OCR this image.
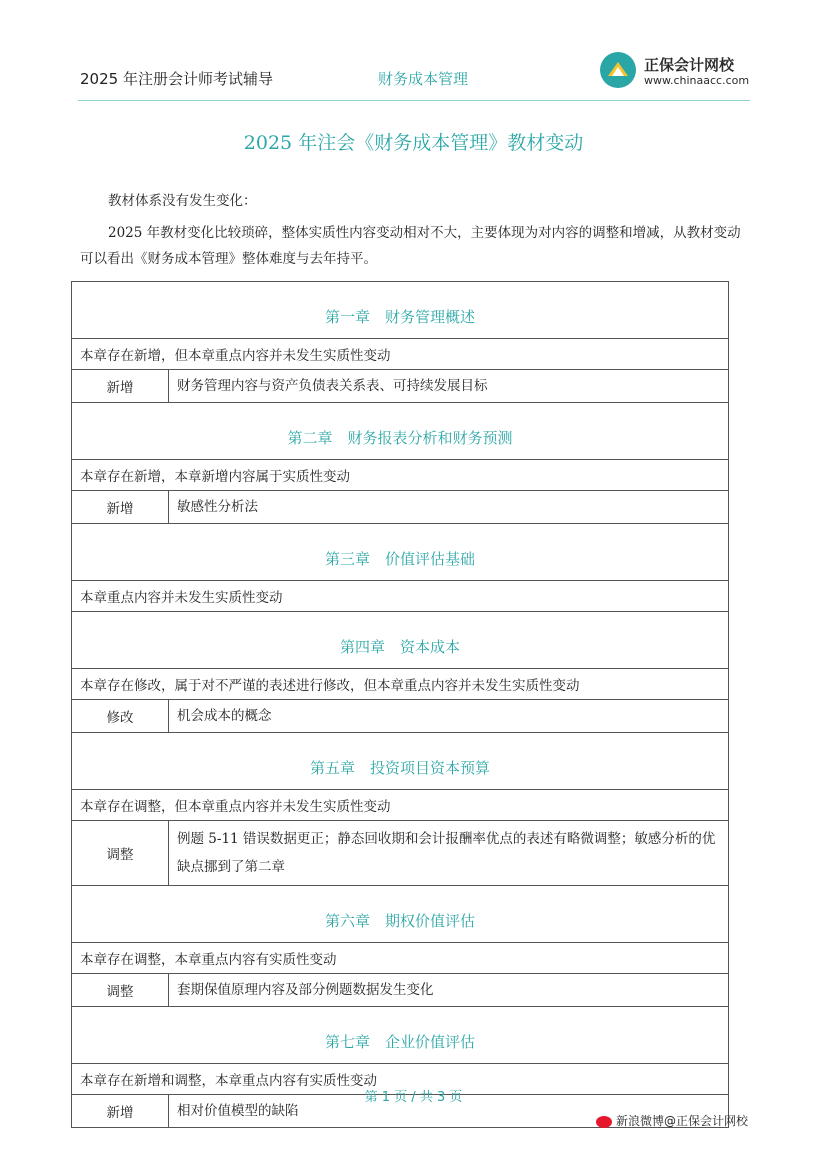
2025 年注册会计师考试辅导	财务成本管理
正保会计网校
www.chinaacc.com
2025 年注会《财务成本管理》教材变动
教材体系没有发生变化：
2025 年教材变化比较琐碎，整体实质性内容变动相对不大，主要体现为对内容的调整和增减，从教材变动可以看出《财务成本管理》整体难度与去年持平。
第一章　财务管理概述	
本章存在新增，但本章重点内容并未发生实质性变动	
新增	财务管理内容与资产负债表关系表、可持续发展目标
第二章　财务报表分析和财务预测	
本章存在新增，本章新增内容属于实质性变动	
新增	敏感性分析法
第三章　价值评估基础	
本章重点内容并未发生实质性变动	
第四章　资本成本	
本章存在修改，属于对不严谨的表述进行修改，但本章重点内容并未发生实质性变动	
修改	机会成本的概念
第五章　投资项目资本预算	
本章存在调整，但本章重点内容并未发生实质性变动	
调整	例题 5-11 错误数据更正；静态回收期和会计报酬率优点的表述有略微调整；敏感分析的优缺点挪到了第二章
第六章　期权价值评估	
本章存在调整，本章重点内容有实质性变动	
调整	套期保值原理内容及部分例题数据发生变化
第七章　企业价值评估	
本章存在新增和调整，本章重点内容有实质性变动	
新增	相对价值模型的缺陷
第 1 页 / 共 3 页
新浪微博@正保会计网校
